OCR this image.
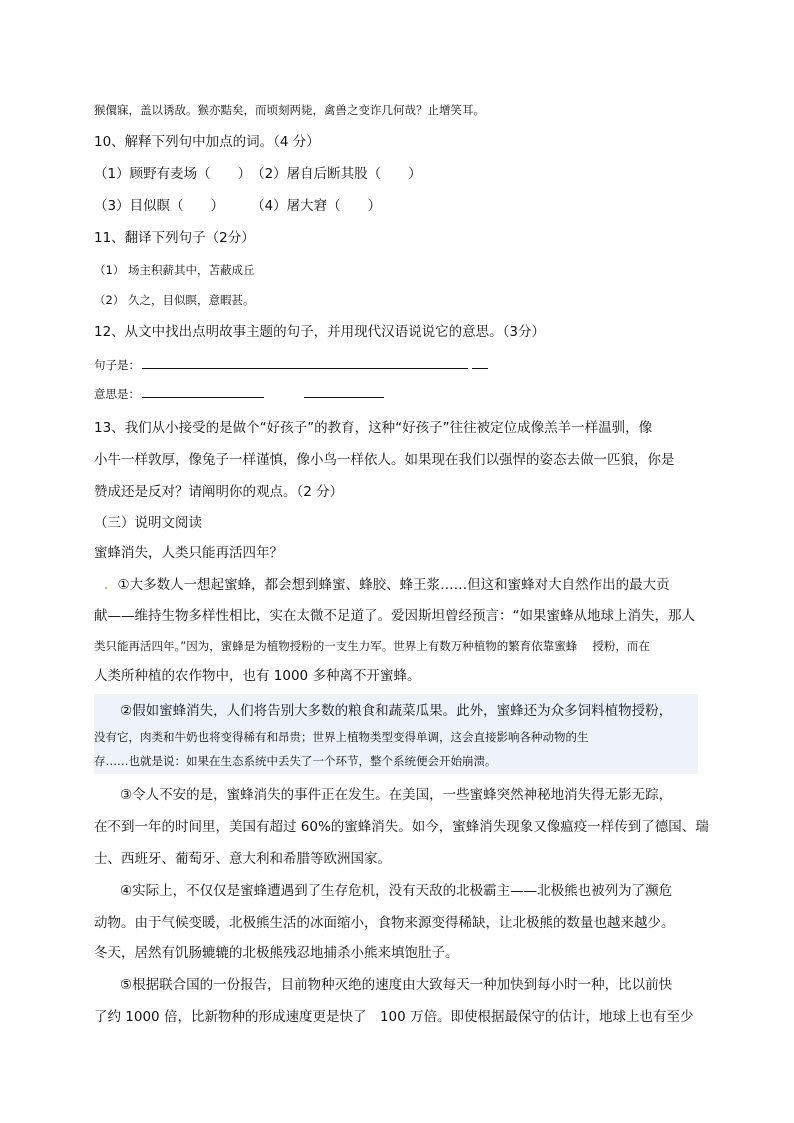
猴儇寐，盖以诱敌。猴亦黠矣，而顷刻两毙，禽兽之变诈几何哉？止增笑耳。
10、解释下列句中加点的词。（4 分）
（1）顾野有麦场（　　）　（2）屠自后断其股（　　）
（3）目似瞑（　　）　　　（4）屠大窘（　　）
11、翻译下列句子（2分）
（1） 场主积薪其中，苫蔽成丘
（2） 久之，目似瞑，意暇甚。
12、从文中找出点明故事主题的句子，并用现代汉语说说它的意思。（3分）
句子是：
意思是：
13、我们从小接受的是做个“好孩子”的教育，这种“好孩子”往往被定位成像羔羊一样温驯，像
小牛一样敦厚，像兔子一样谨慎，像小鸟一样依人。如果现在我们以强悍的姿态去做一匹狼，你是
赞成还是反对？请阐明你的观点。（2 分）
（三）说明文阅读
蜜蜂消失，人类只能再活四年？
．①大多数人一想起蜜蜂，都会想到蜂蜜、蜂胶、蜂王浆……但这和蜜蜂对大自然作出的最大贡
献——维持生物多样性相比，实在太微不足道了。爱因斯坦曾经预言：“如果蜜蜂从地球上消失，那人
类只能再活四年。”因为，蜜蜂是为植物授粉的一支生力军。世界上有数万种植物的繁育依靠蜜蜂　 授粉，而在
人类所种植的农作物中，也有 1000 多种离不开蜜蜂。
②假如蜜蜂消失，人们将告别大多数的粮食和蔬菜瓜果。此外，蜜蜂还为众多饲料植物授粉，
没有它，肉类和牛奶也将变得稀有和昂贵；世界上植物类型变得单调，这会直接影响各种动物的生
存……也就是说：如果在生态系统中丢失了一个环节，整个系统便会开始崩溃。
③令人不安的是，蜜蜂消失的事件正在发生。在美国，一些蜜蜂突然神秘地消失得无影无踪，
在不到一年的时间里，美国有超过 60%的蜜蜂消失。如今，蜜蜂消失现象又像瘟疫一样传到了德国、瑞
士、西班牙、葡萄牙、意大利和希腊等欧洲国家。
④实际上，不仅仅是蜜蜂遭遇到了生存危机，没有天敌的北极霸主——北极熊也被列为了濒危
动物。由于气候变暖，北极熊生活的冰面缩小，食物来源变得稀缺，让北极熊的数量也越来越少。
冬天，居然有饥肠辘辘的北极熊残忍地捕杀小熊来填饱肚子。
⑤根据联合国的一份报告，目前物种灭绝的速度由大致每天一种加快到每小时一种，比以前快
了约 1000 倍，比新物种的形成速度更是快了　100 万倍。即使根据最保守的估计，地球上也有至少
